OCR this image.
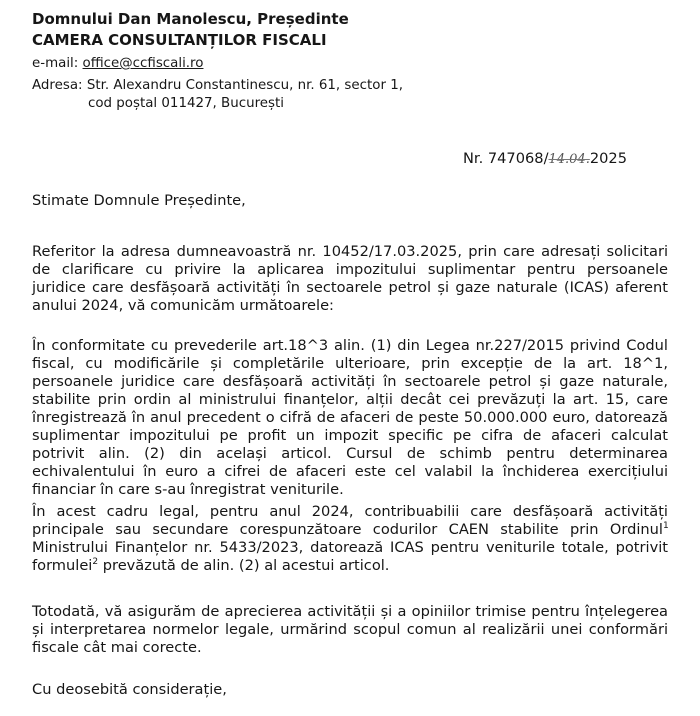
Domnului Dan Manolescu, Președinte
CAMERA CONSULTANȚILOR FISCALI
e-mail: office@ccfiscali.ro
Adresa: Str. Alexandru Constantinescu, nr. 61, sector 1,
cod poștal 011427, București
Nr. 747068/14.04.2025
Stimate Domnule Președinte,
Referitor la adresa dumneavoastră nr. 10452/17.03.2025, prin care adresați solicitari
de clarificare cu privire la aplicarea impozitului suplimentar pentru persoanele
juridice care desfășoară activități în sectoarele petrol și gaze naturale (ICAS) aferent
anului 2024, vă comunicăm următoarele:
În conformitate cu prevederile art.18^3 alin. (1) din Legea nr.227/2015 privind Codul
fiscal, cu modificările și completările ulterioare, prin excepție de la art. 18^1,
persoanele juridice care desfășoară activități în sectoarele petrol și gaze naturale,
stabilite prin ordin al ministrului finanțelor, alții decât cei prevăzuți la art. 15, care
înregistrează în anul precedent o cifră de afaceri de peste 50.000.000 euro, datorează
suplimentar impozitului pe profit un impozit specific pe cifra de afaceri calculat
potrivit alin. (2) din același articol. Cursul de schimb pentru determinarea
echivalentului în euro a cifrei de afaceri este cel valabil la închiderea exercițiului
financiar în care s-au înregistrat veniturile.
În acest cadru legal, pentru anul 2024, contribuabilii care desfășoară activități
principale sau secundare corespunzătoare codurilor CAEN stabilite prin Ordinul$^1$
Ministrului Finanțelor nr. 5433/2023, datorează ICAS pentru veniturile totale, potrivit
formulei$^2$ prevăzută de alin. (2) al acestui articol.
Totodată, vă asigurăm de aprecierea activității și a opiniilor trimise pentru înțelegerea
și interpretarea normelor legale, urmărind scopul comun al realizării unei conformări
fiscale cât mai corecte.
Cu deosebită considerație,
